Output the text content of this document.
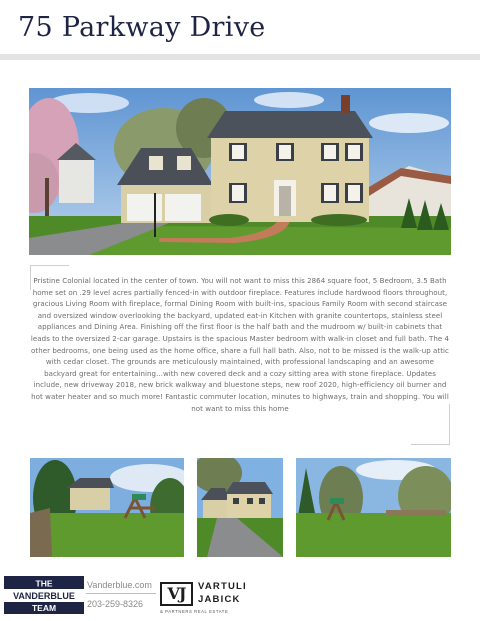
75 Parkway Drive
Pristine Colonial located in the center of town. You will not want to miss this 2864 square foot, 5 Bedroom, 3.5 Bath home set on .29 level acres partially fenced-in with outdoor fireplace. Features include hardwood floors throughout, gracious Living Room with fireplace, formal Dining Room with built-ins, spacious Family Room with second staircase and oversized window overlooking the backyard, updated eat-in Kitchen with granite countertops, stainless steel appliances and Dining Area. Finishing off the first floor is the half bath and the mudroom w/ built-in cabinets that leads to the oversized 2-car garage. Upstairs is the spacious Master bedroom with walk-in closet and full bath. The 4 other bedrooms, one being used as the home office, share a full hall bath. Also, not to be missed is the walk-up attic with cedar closet. The grounds are meticulously maintained, with professional landscaping and an awesome backyard great for entertaining...with new covered deck and a cozy sitting area with stone fireplace. Updates include, new driveway 2018, new brick walkway and bluestone steps, new roof 2020, high-efficiency oil burner and hot water heater and so much more! Fantastic commuter location, minutes to highways, train and shopping. You will not want to miss this home
THE
VANDERBLUE
TEAM
Vanderblue.com
203-259-8326
VJ	VARTULI
JABICK
& PARTNERS REAL ESTATE
